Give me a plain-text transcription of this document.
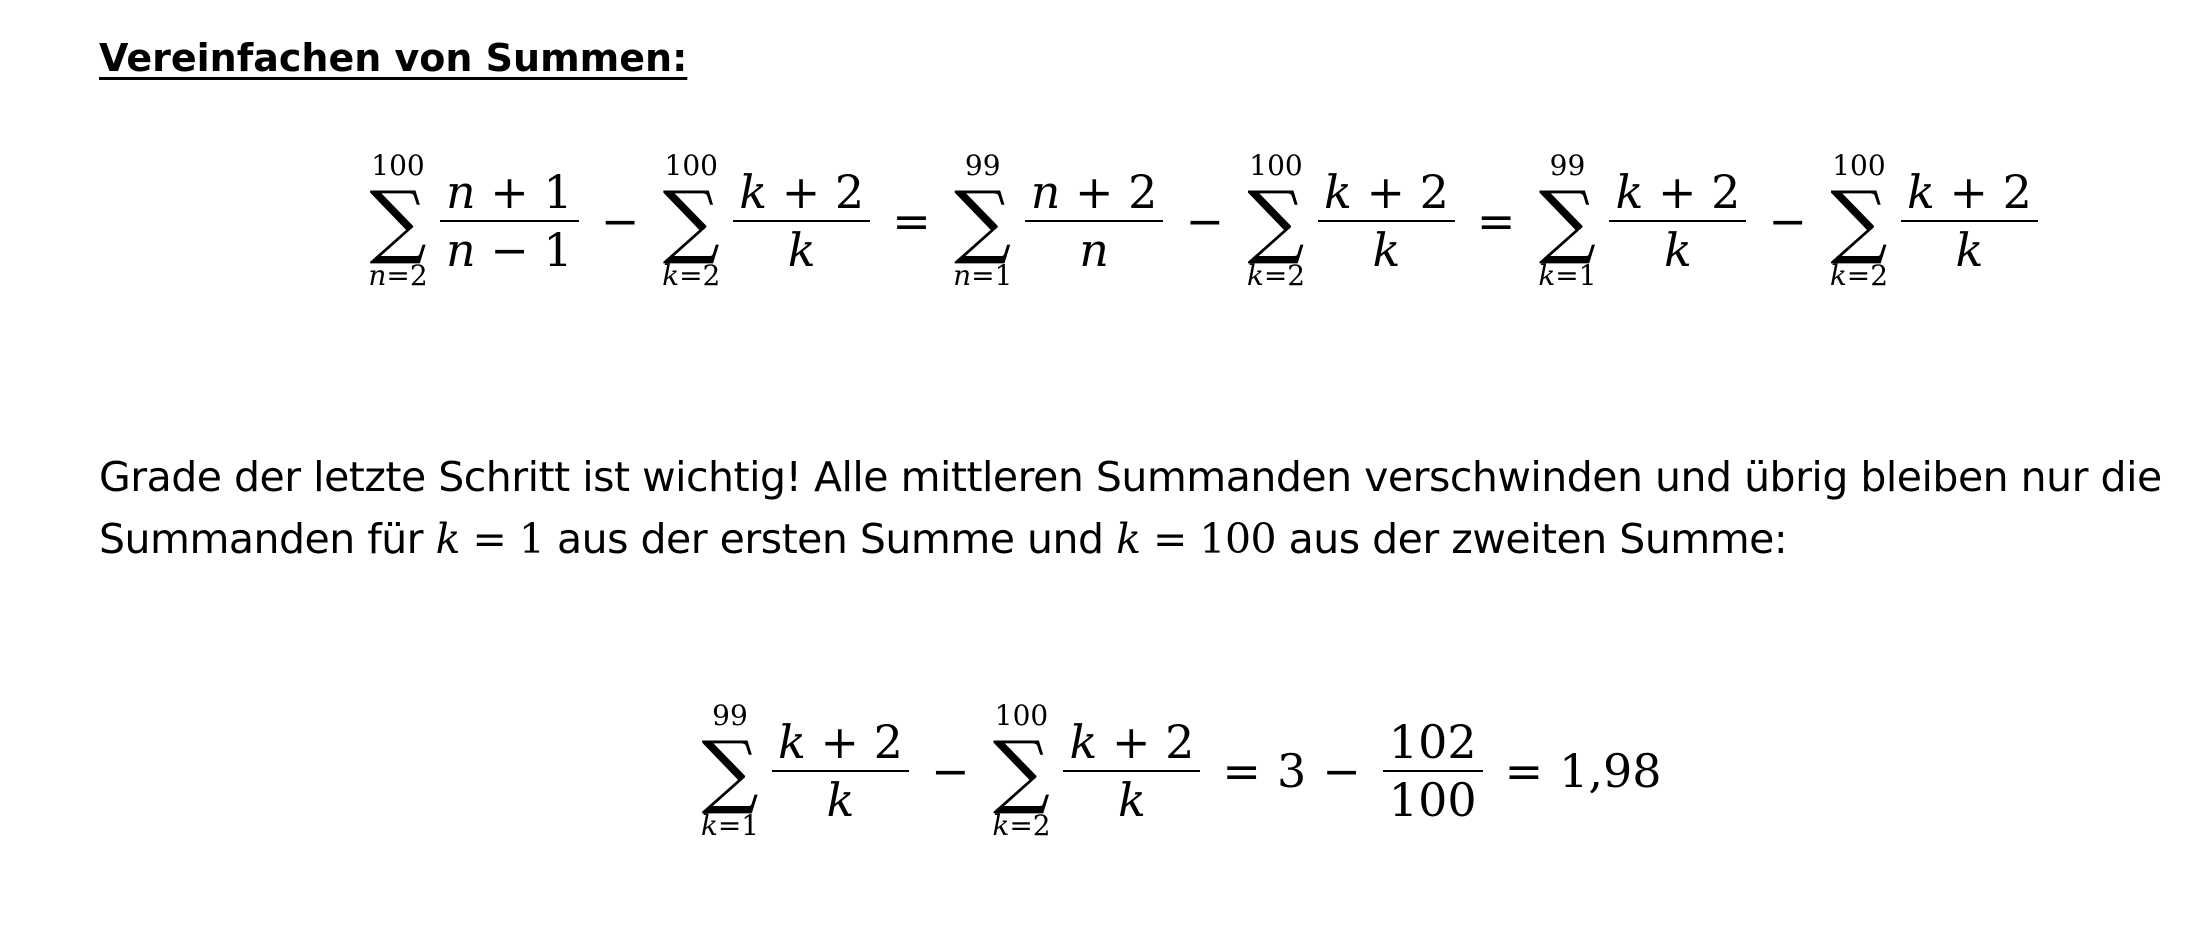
Vereinfachen von Summen:
100
∑
$n=2 \frac{n + 1}{n - 1}$ −
100
∑
$k=2 \frac{k + 2}{k}$ =
99
∑
$n=1 \frac{n + 2}{n}$ −
100
∑
$k=2 \frac{k + 2}{k}$ =
99
∑
$k=1 \frac{k + 2}{k}$ −
100
∑
$k=2 \frac{k + 2}{k}$
Grade der letzte Schritt ist wichtig! Alle mittleren Summanden verschwinden und übrig bleiben nur die
Summanden für k = 1 aus der ersten Summe und k = 100 aus der zweiten Summe:
99
∑
$k=1 \frac{k + 2}{k}$ −
100
∑
$k=2 \frac{k + 2}{k} = 3 - \frac{102}{100} = 1,98$
